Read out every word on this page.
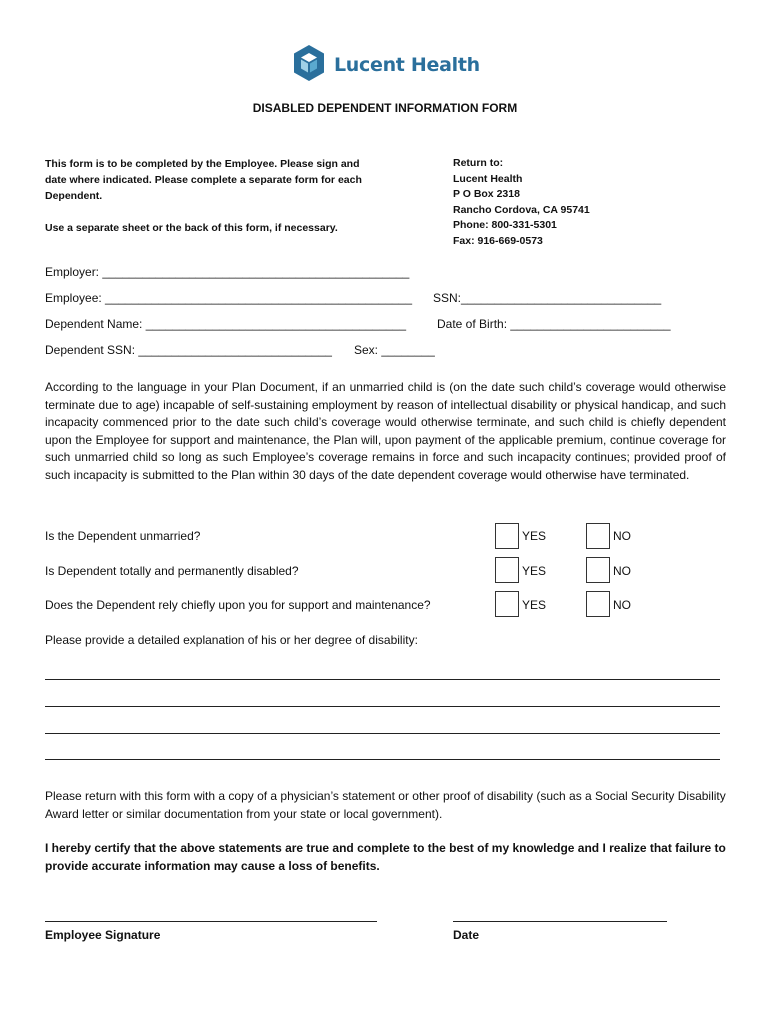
Lucent Health
DISABLED DEPENDENT INFORMATION FORM

This form is to be completed by the Employee. Please sign and date where indicated. Please complete a separate form for each Dependent.

Use a separate sheet or the back of this form, if necessary.

Return to:
Lucent Health
P O Box 2318
Rancho Cordova, CA 95741
Phone: 800-331-5301
Fax: 916-669-0573
Employer: ______________________________________________
Employee: ______________________________________________ SSN:______________________________
Dependent Name: _______________________________________	Date of Birth: ________________________
Dependent SSN: _____________________________ Sex: ________
According to the language in your Plan Document, if an unmarried child is (on the date such child’s coverage would otherwise terminate due to age) incapable of self-sustaining employment by reason of intellectual disability or physical handicap, and such incapacity commenced prior to the date such child’s coverage would otherwise terminate, and such child is chiefly dependent upon the Employee for support and maintenance, the Plan will, upon payment of the applicable premium, continue coverage for such unmarried child so long as such Employee’s coverage remains in force and such incapacity continues; provided proof of such incapacity is submitted to the Plan within 30 days of the date dependent coverage would otherwise have terminated.
Is the Dependent unmarried?	YES	NO
Is Dependent totally and permanently disabled?	YES	NO
Does the Dependent rely chiefly upon you for support and maintenance?	YES	NO
Please provide a detailed explanation of his or her degree of disability:
Please return with this form with a copy of a physician’s statement or other proof of disability (such as a Social Security Disability Award letter or similar documentation from your state or local government).
I hereby certify that the above statements are true and complete to the best of my knowledge and I realize that failure to provide accurate information may cause a loss of benefits.
Employee Signature	Date
